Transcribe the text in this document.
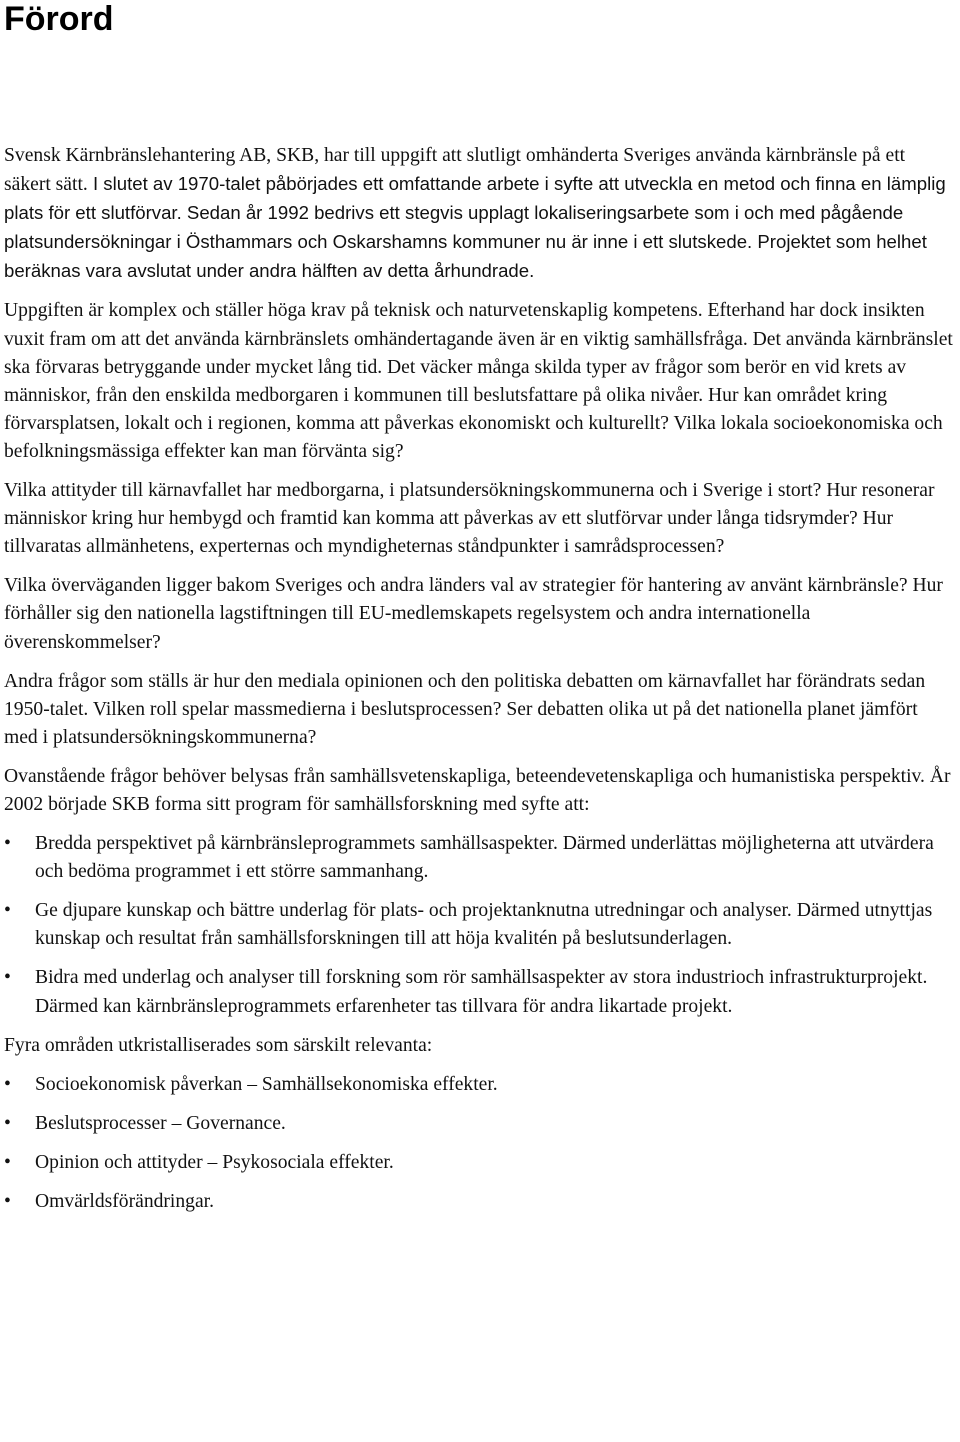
Förord

Svensk Kärnbränslehantering AB, SKB, har till uppgift att slutligt omhänderta Sveriges använda kärnbränsle på ett säkert sätt. I slutet av 1970-talet påbörjades ett omfattande arbete i syfte att utveckla en metod och finna en lämplig plats för ett slutförvar. Sedan år 1992 bedrivs ett stegvis upplagt lokaliseringsarbete som i och med pågående platsundersökningar i Östhammars och Oskarshamns kommuner nu är inne i ett slutskede. Projektet som helhet beräknas vara avslutat under andra hälften av detta århundrade.

Uppgiften är komplex och ställer höga krav på teknisk och naturvetenskaplig kompetens. Efterhand har dock insikten vuxit fram om att det använda kärnbränslets omhändertagande även är en viktig samhällsfråga. Det använda kärnbränslet ska förvaras betryggande under mycket lång tid. Det väcker många skilda typer av frågor som berör en vid krets av människor, från den enskilda medborgaren i kommunen till beslutsfattare på olika nivåer. Hur kan området kring förvarsplatsen, lokalt och i regionen, komma att påverkas ekonomiskt och kulturellt? Vilka lokala socioekonomiska och befolkningsmässiga effekter kan man förvänta sig?

Vilka attityder till kärnavfallet har medborgarna, i platsundersökningskommunerna och i Sverige i stort? Hur resonerar människor kring hur hembygd och framtid kan komma att påverkas av ett slutförvar under långa tidsrymder? Hur tillvaratas allmänhetens, experternas och myndigheternas ståndpunkter i samrådsprocessen?

Vilka överväganden ligger bakom Sveriges och andra länders val av strategier för hantering av använt kärnbränsle? Hur förhåller sig den nationella lagstiftningen till EU-medlemskapets regelsystem och andra internationella överenskommelser?

Andra frågor som ställs är hur den mediala opinionen och den politiska debatten om kärnavfallet har förändrats sedan 1950-talet. Vilken roll spelar massmedierna i beslutsprocessen? Ser debatten olika ut på det nationella planet jämfört med i platsundersökningskommunerna?

Ovanstående frågor behöver belysas från samhällsvetenskapliga, beteendevetenskapliga och humanistiska perspektiv. År 2002 började SKB forma sitt program för samhällsforskning med syfte att:

• Bredda perspektivet på kärnbränsleprogrammets samhällsaspekter. Därmed underlättas möjligheterna att utvärdera och bedöma programmet i ett större sammanhang.
• Ge djupare kunskap och bättre underlag för plats- och projektanknutna utredningar och analyser. Därmed utnyttjas kunskap och resultat från samhällsforskningen till att höja kvalitén på beslutsunderlagen.
• Bidra med underlag och analyser till forskning som rör samhällsaspekter av stora industrioch infrastrukturprojekt. Därmed kan kärnbränsleprogrammets erfarenheter tas tillvara för andra likartade projekt.

Fyra områden utkristalliserades som särskilt relevanta:

• Socioekonomisk påverkan – Samhällsekonomiska effekter.
• Beslutsprocesser – Governance.
• Opinion och attityder – Psykosociala effekter.
• Omvärldsförändringar.
